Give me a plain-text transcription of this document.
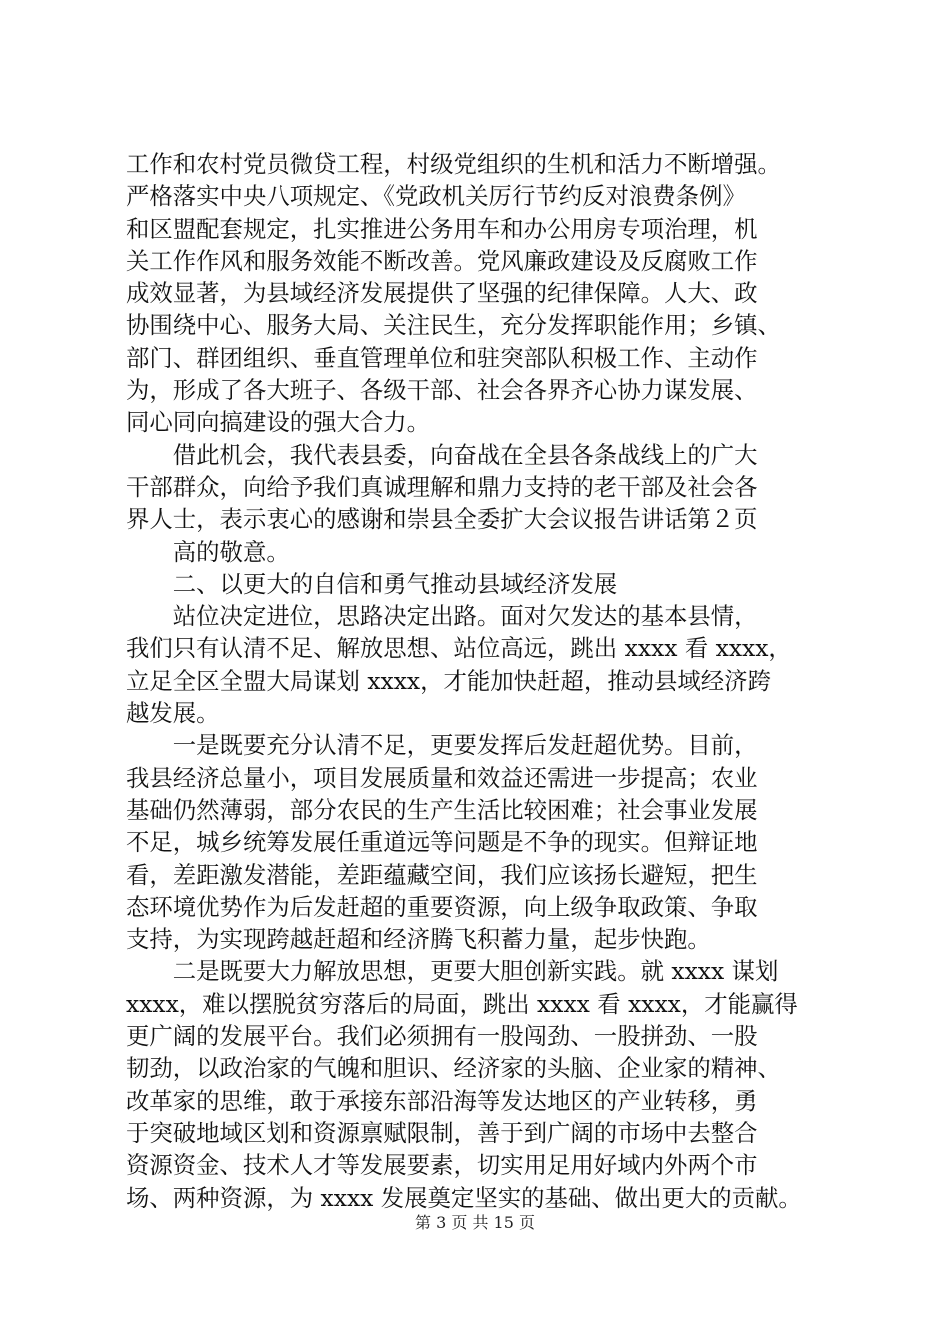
工作和农村党员微贷工程，村级党组织的生机和活力不断增强。
严格落实中央八项规定、《党政机关厉行节约反对浪费条例》
和区盟配套规定，扎实推进公务用车和办公用房专项治理，机
关工作作风和服务效能不断改善。党风廉政建设及反腐败工作
成效显著，为县域经济发展提供了坚强的纪律保障。人大、政
协围绕中心、服务大局、关注民生，充分发挥职能作用；乡镇、
部门、群团组织、垂直管理单位和驻突部队积极工作、主动作
为，形成了各大班子、各级干部、社会各界齐心协力谋发展、
同心同向搞建设的强大合力。
　　借此机会，我代表县委，向奋战在全县各条战线上的广大
干部群众，向给予我们真诚理解和鼎力支持的老干部及社会各
界人士，表示衷心的感谢和崇县全委扩大会议报告讲话第２页
　　高的敬意。
　　二、以更大的自信和勇气推动县域经济发展
　　站位决定进位，思路决定出路。面对欠发达的基本县情，
我们只有认清不足、解放思想、站位高远，跳出 xxxx 看 xxxx，
立足全区全盟大局谋划 xxxx，才能加快赶超，推动县域经济跨
越发展。
　　一是既要充分认清不足，更要发挥后发赶超优势。目前，
我县经济总量小，项目发展质量和效益还需进一步提高；农业
基础仍然薄弱，部分农民的生产生活比较困难；社会事业发展
不足，城乡统筹发展任重道远等问题是不争的现实。但辩证地
看，差距激发潜能，差距蕴藏空间，我们应该扬长避短，把生
态环境优势作为后发赶超的重要资源，向上级争取政策、争取
支持，为实现跨越赶超和经济腾飞积蓄力量，起步快跑。
　　二是既要大力解放思想，更要大胆创新实践。就 xxxx 谋划
xxxx，难以摆脱贫穷落后的局面，跳出 xxxx 看 xxxx，才能赢得
更广阔的发展平台。我们必须拥有一股闯劲、一股拼劲、一股
韧劲，以政治家的气魄和胆识、经济家的头脑、企业家的精神、
改革家的思维，敢于承接东部沿海等发达地区的产业转移，勇
于突破地域区划和资源禀赋限制，善于到广阔的市场中去整合
资源资金、技术人才等发展要素，切实用足用好域内外两个市
场、两种资源，为 xxxx 发展奠定坚实的基础、做出更大的贡献。
第 3 页 共 15 页
